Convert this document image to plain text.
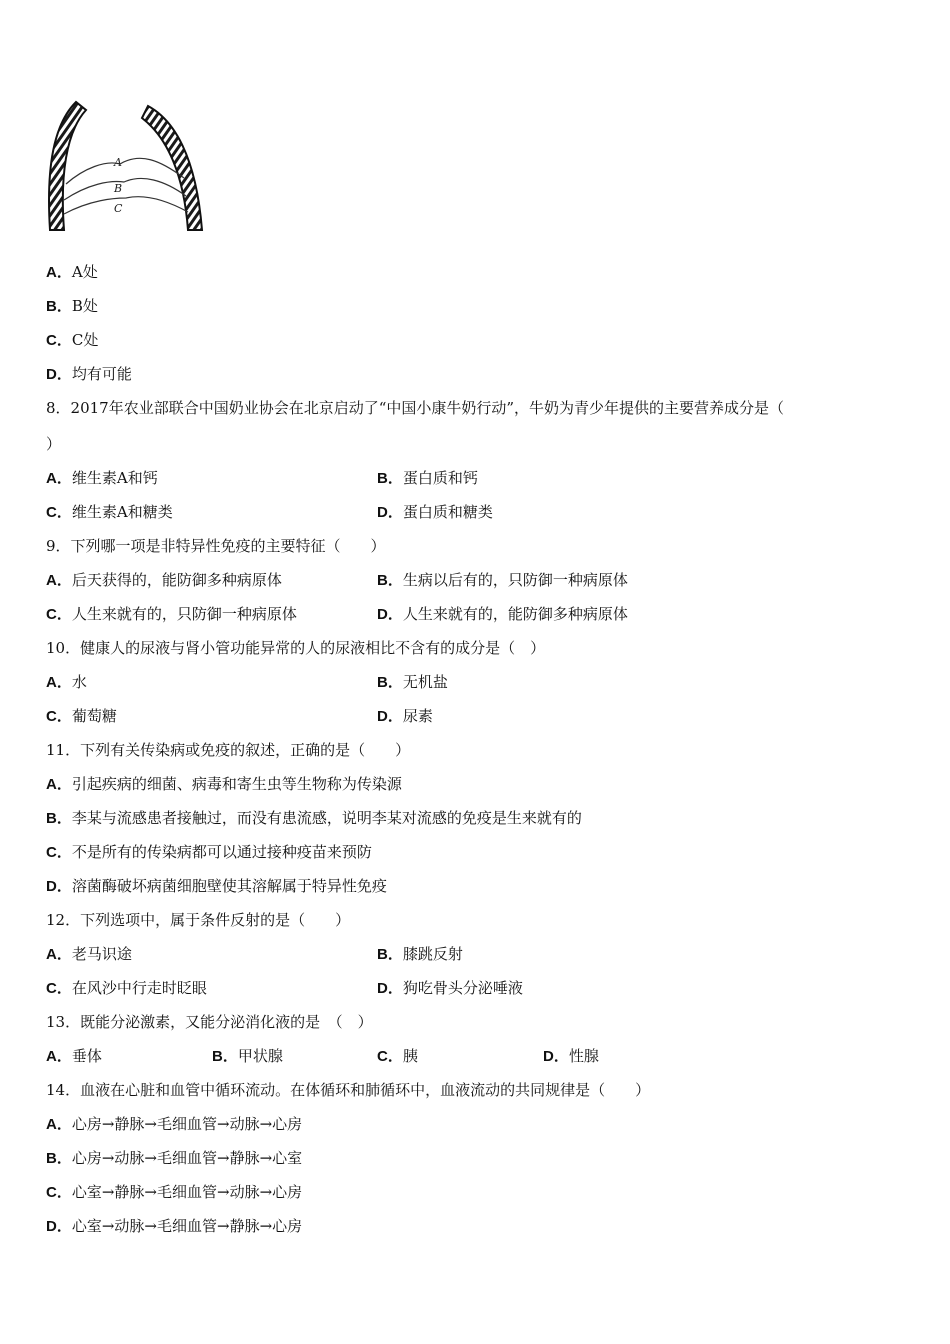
A
B
C
A．A处
B．B处
C．C处
D．均有可能
8．2017年农业部联合中国奶业协会在北京启动了“中国小康牛奶行动”，牛奶为青少年提供的主要营养成分是（
）
A．维生素A和钙	B．蛋白质和钙
C．维生素A和糖类	D．蛋白质和糖类
9．下列哪一项是非特异性免疫的主要特征（　　）
A．后天获得的，能防御多种病原体	B．生病以后有的，只防御一种病原体
C．人生来就有的，只防御一种病原体	D．人生来就有的，能防御多种病原体
10．健康人的尿液与肾小管功能异常的人的尿液相比不含有的成分是（　）
A．水	B．无机盐
C．葡萄糖	D．尿素
11．下列有关传染病或免疫的叙述，正确的是（　　）
A．引起疾病的细菌、病毒和寄生虫等生物称为传染源
B．李某与流感患者接触过，而没有患流感，说明李某对流感的免疫是生来就有的
C．不是所有的传染病都可以通过接种疫苗来预防
D．溶菌酶破坏病菌细胞壁使其溶解属于特异性免疫
12．下列选项中，属于条件反射的是（　　）
A．老马识途	B．膝跳反射
C．在风沙中行走时眨眼	D．狗吃骨头分泌唾液
13．既能分泌激素，又能分泌消化液的是　（　）
A．垂体	B．甲状腺	C．胰	D．性腺
14．血液在心脏和血管中循环流动。在体循环和肺循环中，血液流动的共同规律是（　　）
A．心房→静脉→毛细血管→动脉→心房
B．心房→动脉→毛细血管→静脉→心室
C．心室→静脉→毛细血管→动脉→心房
D．心室→动脉→毛细血管→静脉→心房
